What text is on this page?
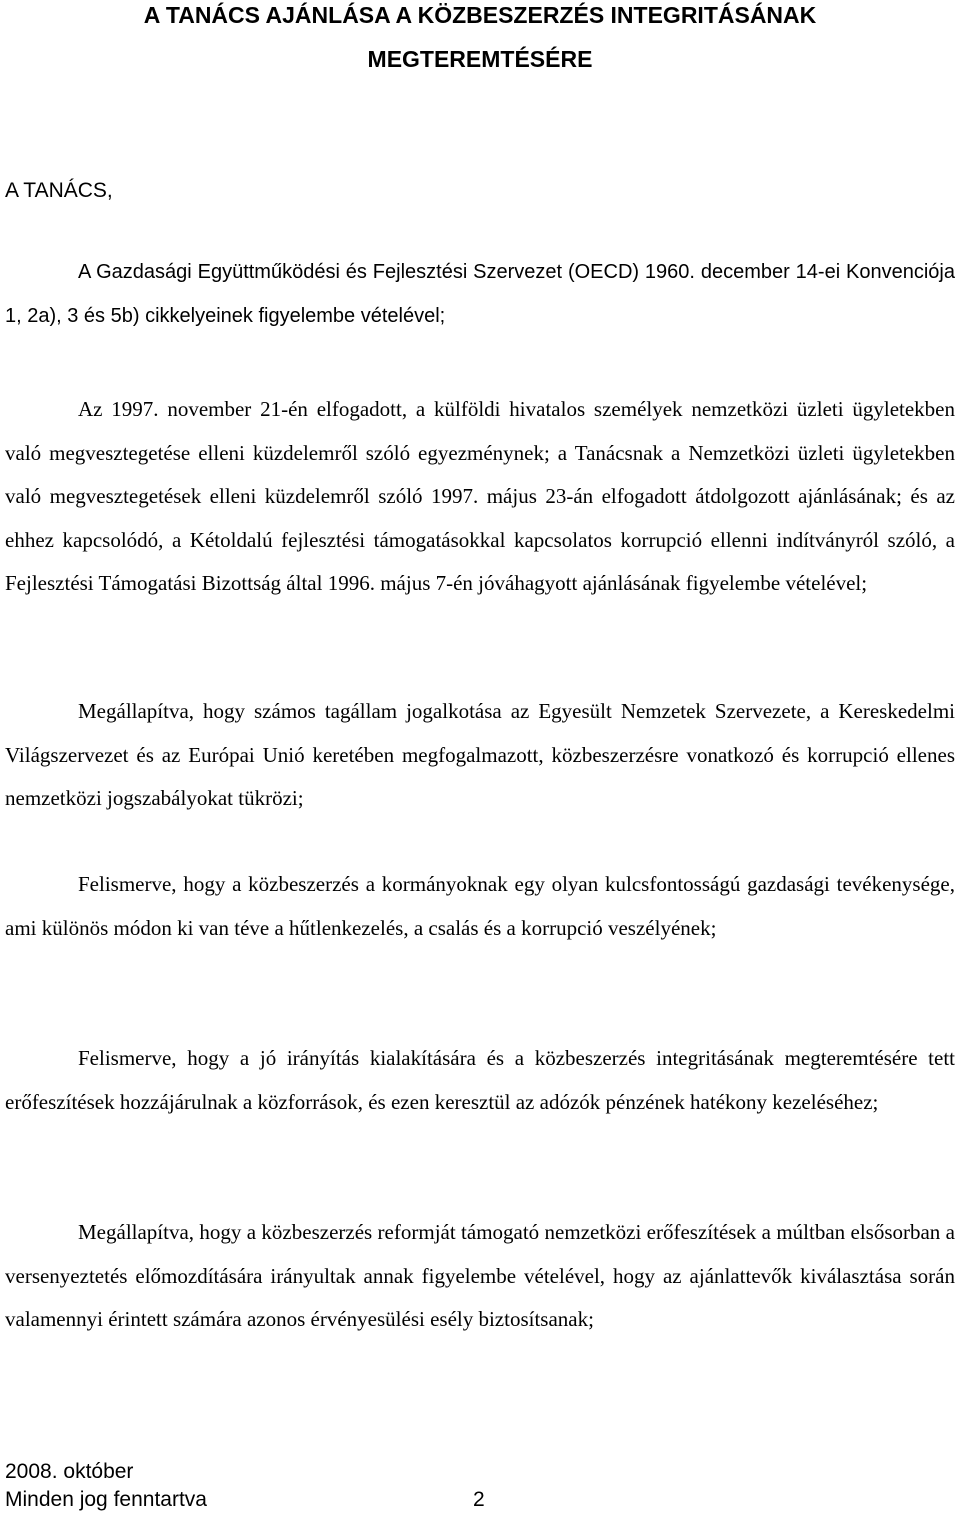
A TANÁCS AJÁNLÁSA A KÖZBESZERZÉS INTEGRITÁSÁNAK
MEGTEREMTÉSÉRE

A TANÁCS,

A Gazdasági Együttműködési és Fejlesztési Szervezet (OECD) 1960. december 14-ei Konvenciója 1, 2a), 3 és 5b) cikkelyeinek figyelembe vételével;

Az 1997. november 21-én elfogadott, a külföldi hivatalos személyek nemzetközi üzleti ügyletekben való megvesztegetése elleni küzdelemről szóló egyezménynek; a Tanácsnak a Nemzetközi üzleti ügyletekben való megvesztegetések elleni küzdelemről szóló 1997. május 23-án elfogadott átdolgozott ajánlásának; és az ehhez kapcsolódó, a Kétoldalú fejlesztési támogatásokkal kapcsolatos korrupció ellenni indítványról szóló, a Fejlesztési Támogatási Bizottság által 1996. május 7-én jóváhagyott ajánlásának figyelembe vételével;

Megállapítva, hogy számos tagállam jogalkotása az Egyesült Nemzetek Szervezete, a Kereskedelmi Világszervezet és az Európai Unió keretében megfogalmazott, közbeszerzésre vonatkozó és korrupció ellenes nemzetközi jogszabályokat tükrözi;

Felismerve, hogy a közbeszerzés a kormányoknak egy olyan kulcsfontosságú gazdasági tevékenysége, ami különös módon ki van téve a hűtlenkezelés, a csalás és a korrupció veszélyének;

Felismerve, hogy a jó irányítás kialakítására és a közbeszerzés integritásának megteremtésére tett erőfeszítések hozzájárulnak a közforrások, és ezen keresztül az adózók pénzének hatékony kezeléséhez;

Megállapítva, hogy a közbeszerzés reformját támogató nemzetközi erőfeszítések a múltban elsősorban a versenyeztetés előmozdítására irányultak annak figyelembe vételével, hogy az ajánlattevők kiválasztása során valamennyi érintett számára azonos érvényesülési esély biztosítsanak;

2008. október

Minden jog fenntartva	2
